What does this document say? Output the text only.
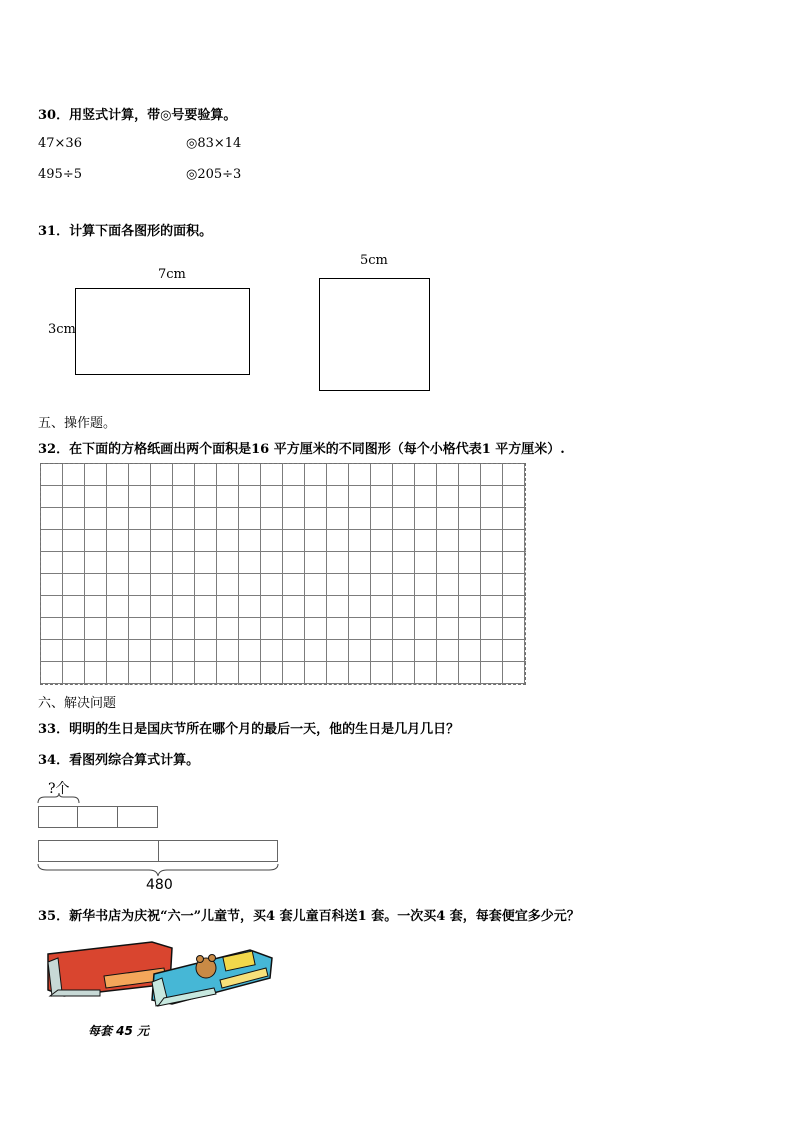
30．用竖式计算，带◎号要验算。
47×36	◎83×14
495÷5	◎205÷3
31．计算下面各图形的面积。
7cm
3cm
5cm
五、操作题。
32．在下面的方格纸画出两个面积是16 平方厘米的不同图形（每个小格代表1 平方厘米）.
六、解决问题
33．明明的生日是国庆节所在哪个月的最后一天，他的生日是几月几日？
34．看图列综合算式计算。
?个
480
35．新华书店为庆祝“六一”儿童节，买4 套儿童百科送1 套。一次买4 套，每套便宜多少元？
每套 45 元
